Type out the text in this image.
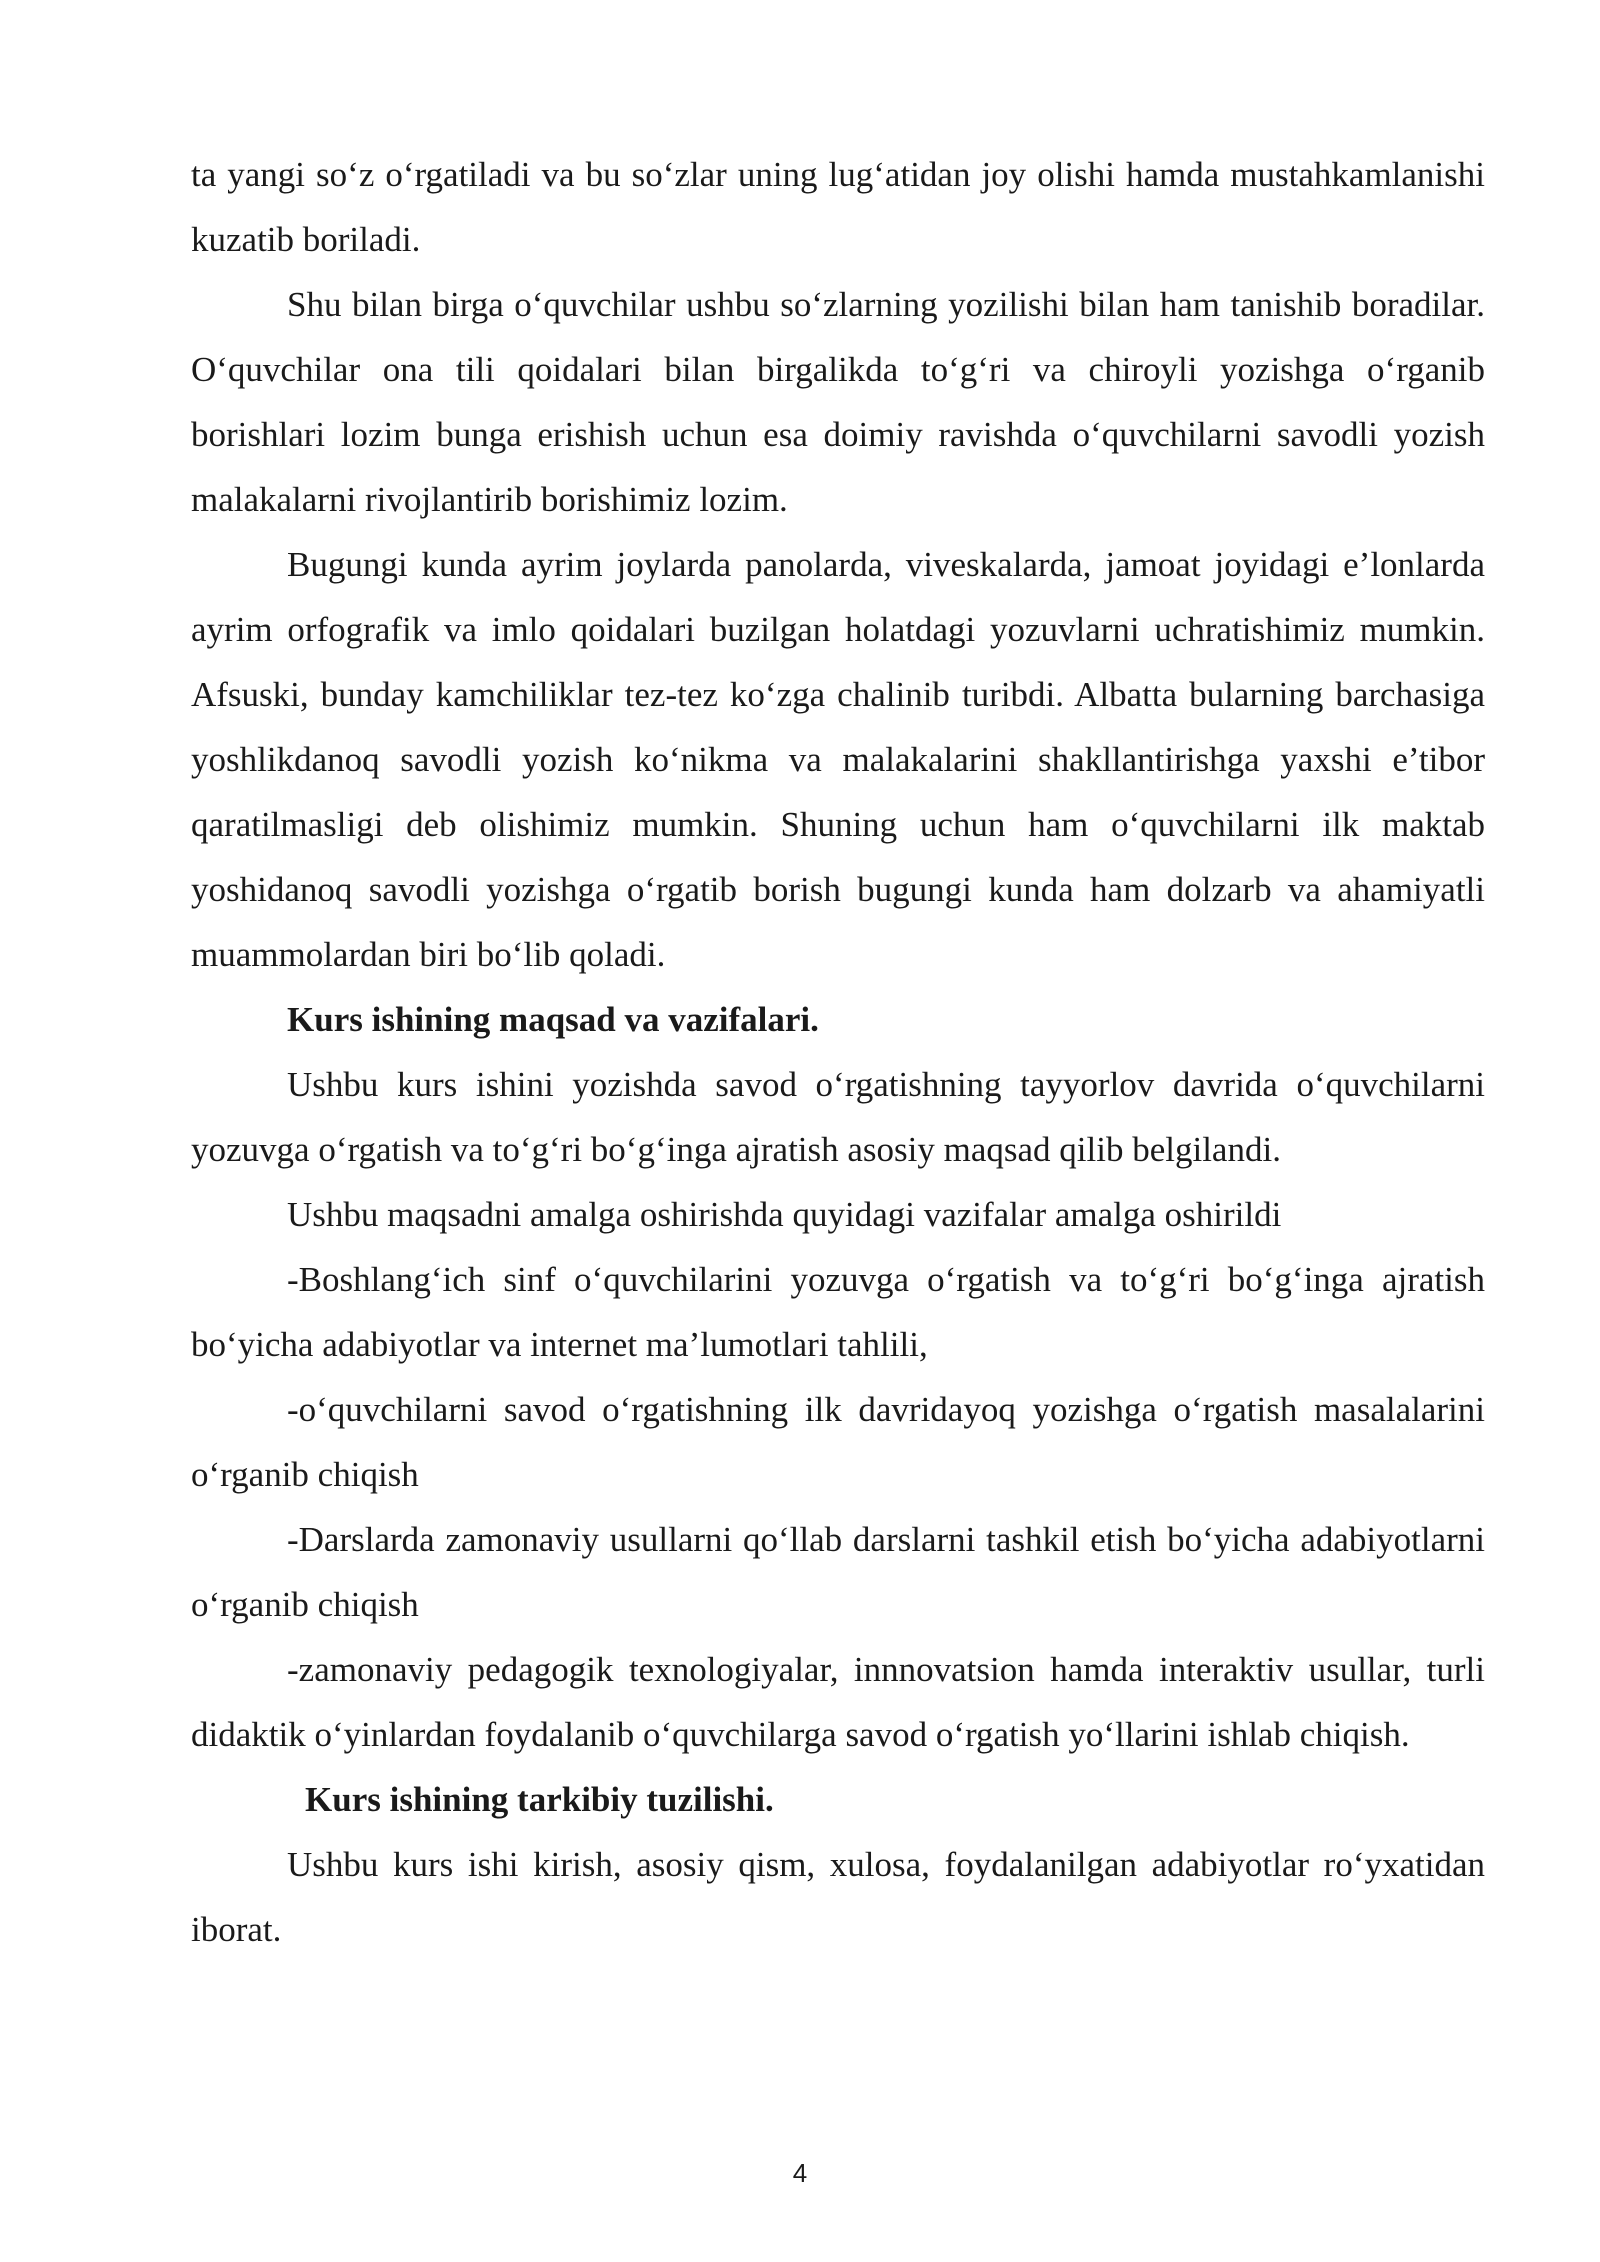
ta yangi so‘z o‘rgatiladi va bu so‘zlar uning lug‘atidan joy olishi hamda mustahkamlanishi kuzatib boriladi.

Shu bilan birga o‘quvchilar ushbu so‘zlarning yozilishi bilan ham tanishib boradilar. O‘quvchilar ona tili qoidalari bilan birgalikda to‘g‘ri va chiroyli yozishga o‘rganib borishlari lozim bunga erishish uchun esa doimiy ravishda o‘quvchilarni savodli yozish malakalarni rivojlantirib borishimiz lozim.

Bugungi kunda ayrim joylarda panolarda, viveskalarda, jamoat joyidagi e’lonlarda ayrim orfografik va imlo qoidalari buzilgan holatdagi yozuvlarni uchratishimiz mumkin. Afsuski, bunday kamchiliklar tez-tez ko‘zga chalinib turibdi. Albatta bularning barchasiga yoshlikdanoq savodli yozish ko‘nikma va malakalarini shakllantirishga yaxshi e’tibor qaratilmasligi deb olishimiz mumkin. Shuning uchun ham o‘quvchilarni ilk maktab yoshidanoq savodli yozishga o‘rgatib borish bugungi kunda ham dolzarb va ahamiyatli muammolardan biri bo‘lib qoladi.

Kurs ishining maqsad va vazifalari.

Ushbu kurs ishini yozishda savod o‘rgatishning tayyorlov davrida o‘quvchilarni yozuvga o‘rgatish va to‘g‘ri bo‘g‘inga ajratish asosiy maqsad qilib belgilandi.

Ushbu maqsadni amalga oshirishda quyidagi vazifalar amalga oshirildi

-Boshlang‘ich sinf o‘quvchilarini yozuvga o‘rgatish va to‘g‘ri bo‘g‘inga ajratish bo‘yicha adabiyotlar va internet ma’lumotlari tahlili,

-o‘quvchilarni savod o‘rgatishning ilk davridayoq yozishga o‘rgatish masalalarini o‘rganib chiqish

-Darslarda zamonaviy usullarni qo‘llab darslarni tashkil etish bo‘yicha adabiyotlarni o‘rganib chiqish

-zamonaviy pedagogik texnologiyalar, innnovatsion hamda interaktiv usullar, turli didaktik o‘yinlardan foydalanib o‘quvchilarga savod o‘rgatish yo‘llarini ishlab chiqish.

Kurs ishining tarkibiy tuzilishi.

Ushbu kurs ishi kirish, asosiy qism, xulosa, foydalanilgan adabiyotlar ro‘yxatidan iborat.

4
